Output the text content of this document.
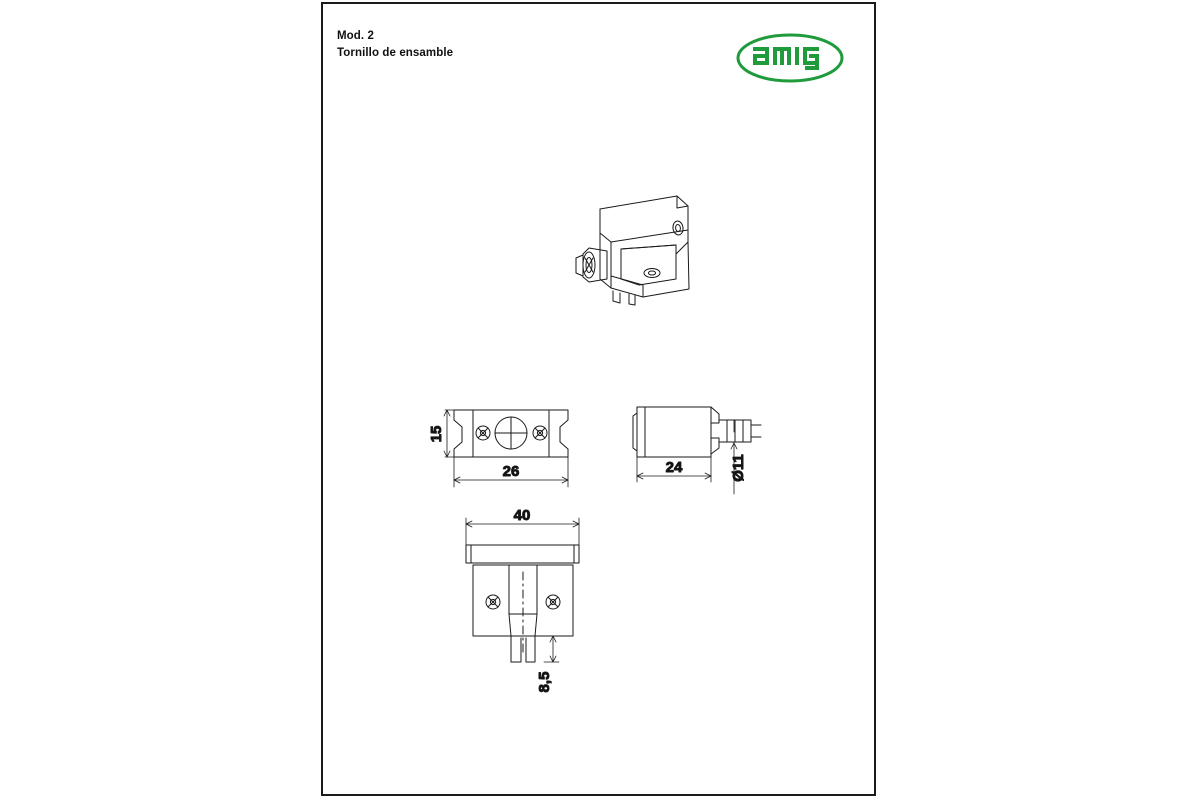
Mod. 2
Tornillo de ensamble
15
26	24	Ø11
40
8,5
